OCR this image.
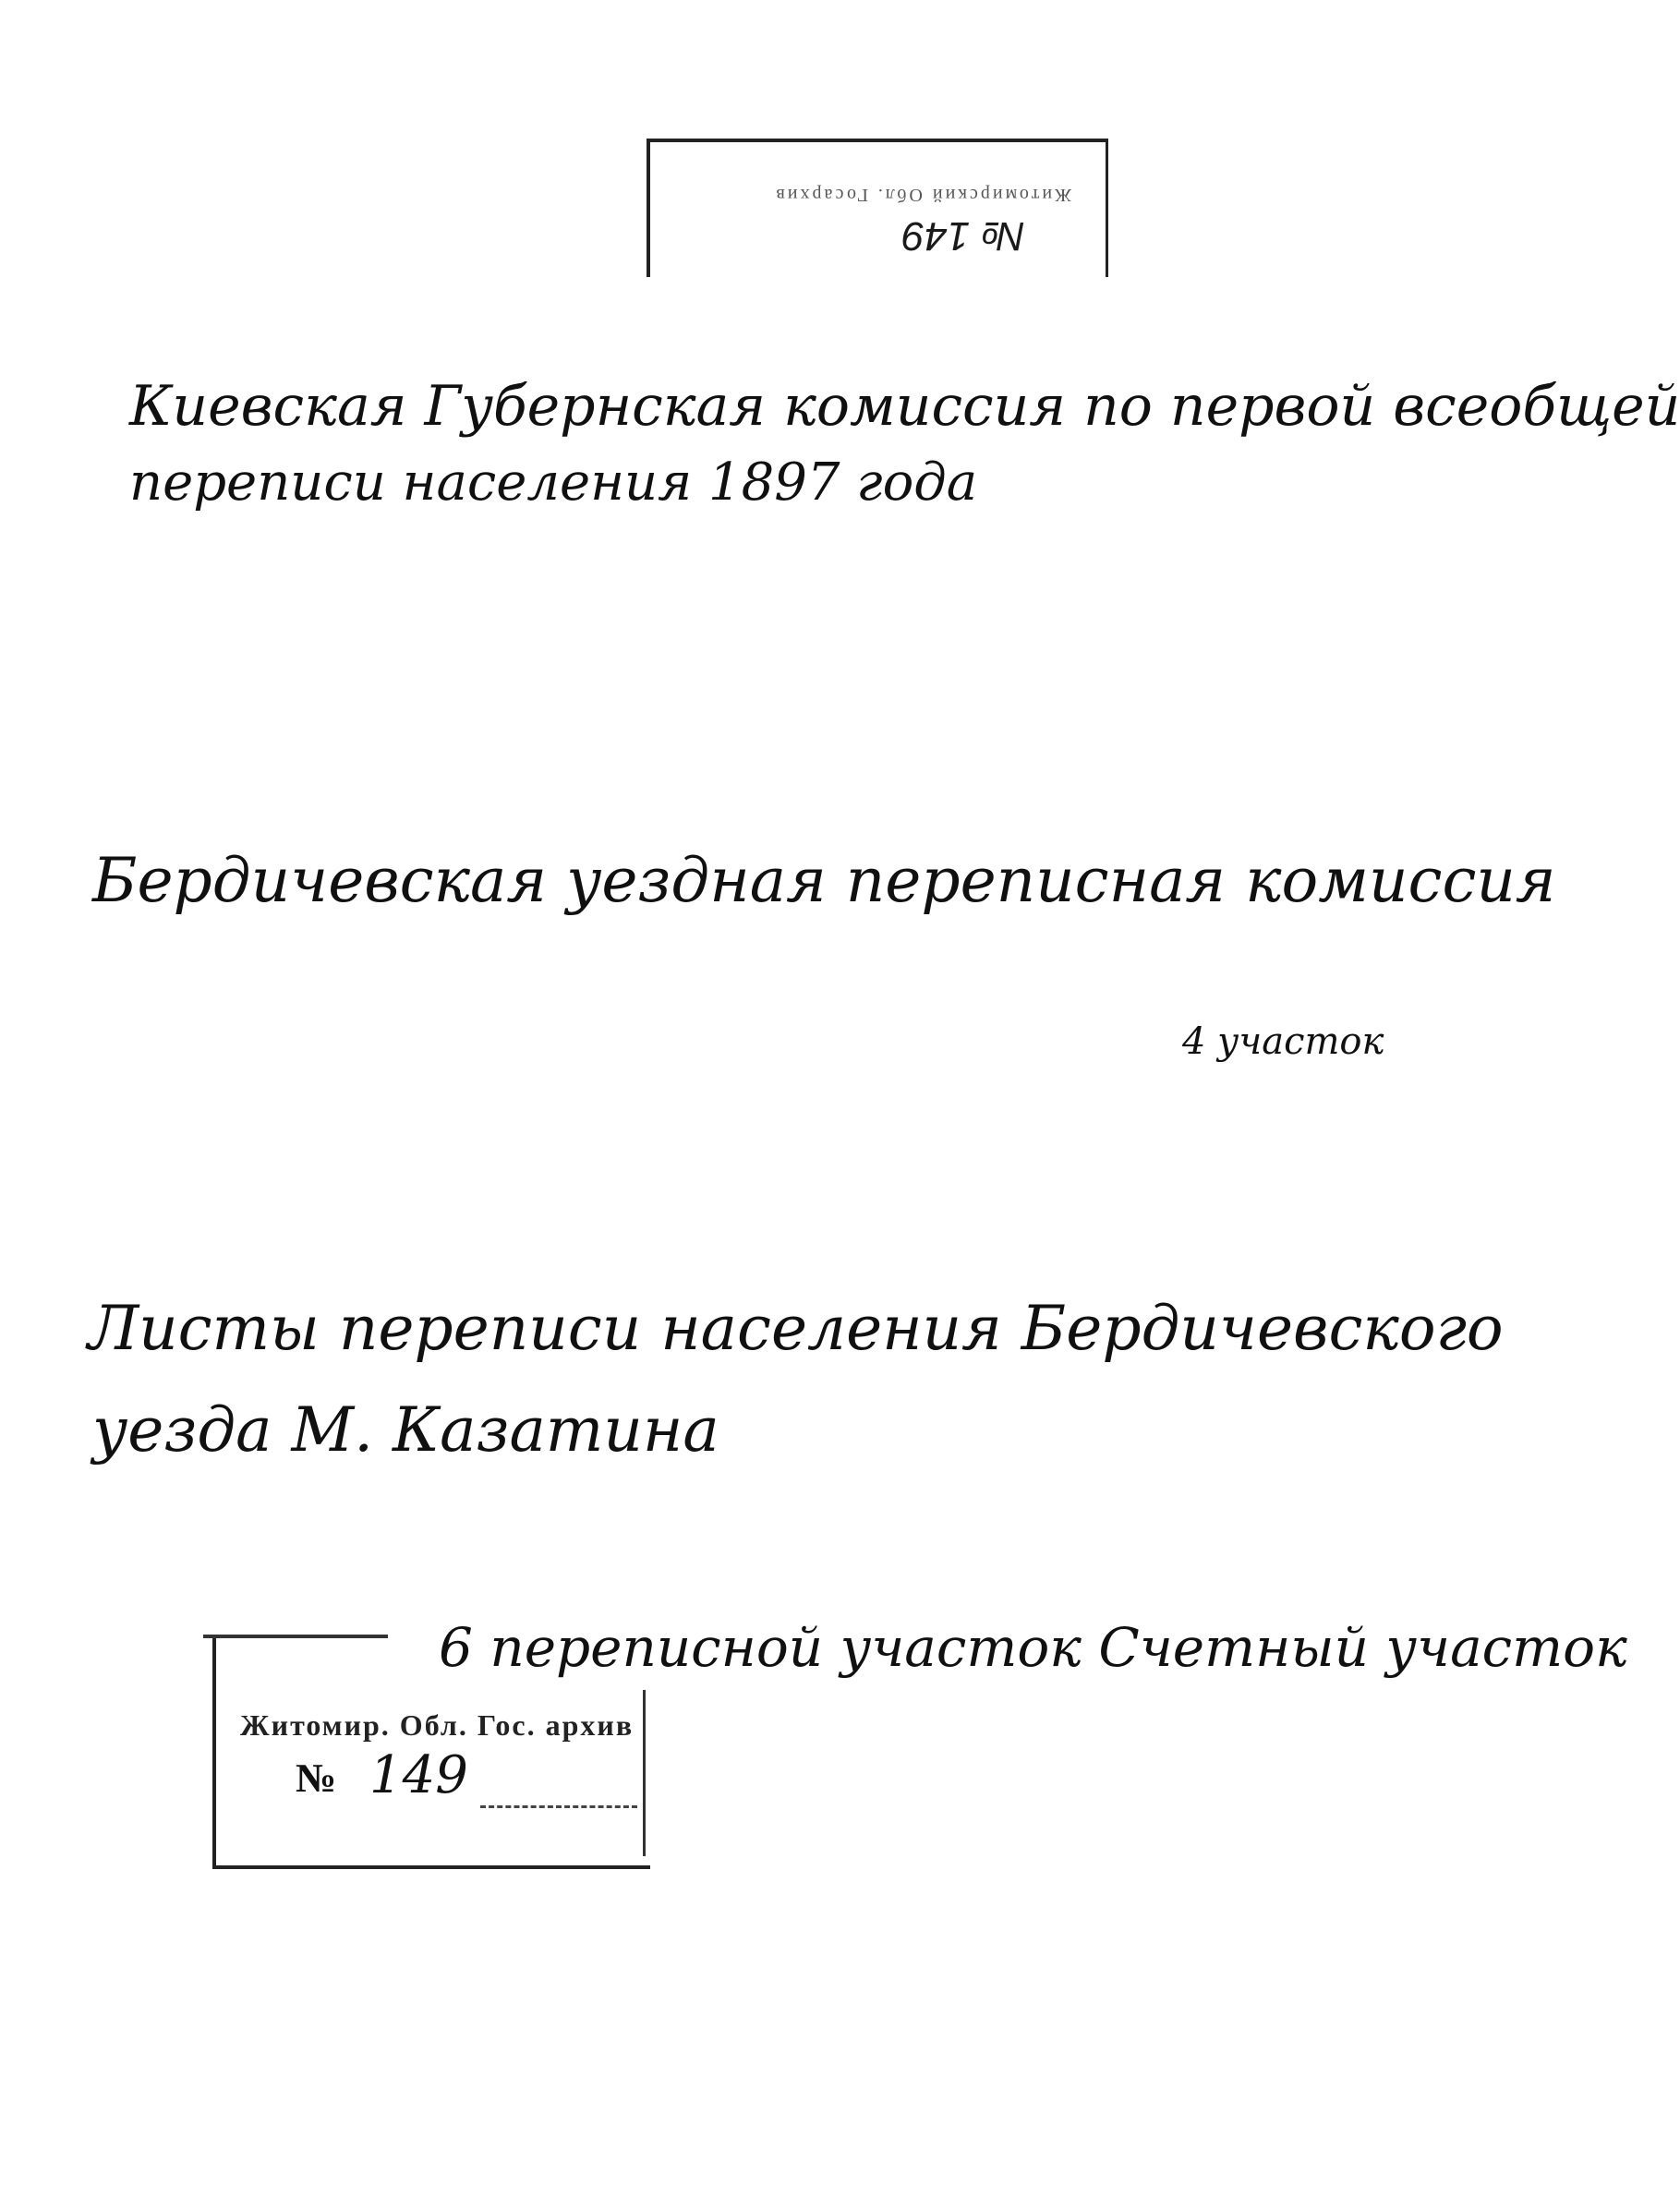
№ 149
Житомирский Обл. Госархив
Киевская Губернская комиссия по первой всеобщей
переписи населения 1897 года
Бердичевская уездная переписная комиссия
4 участок
Листы переписи населения Бердичевского
уезда М. Казатина
Житомир. Обл. Гос. архив
№ 149
6 переписной участок Счетный участок
